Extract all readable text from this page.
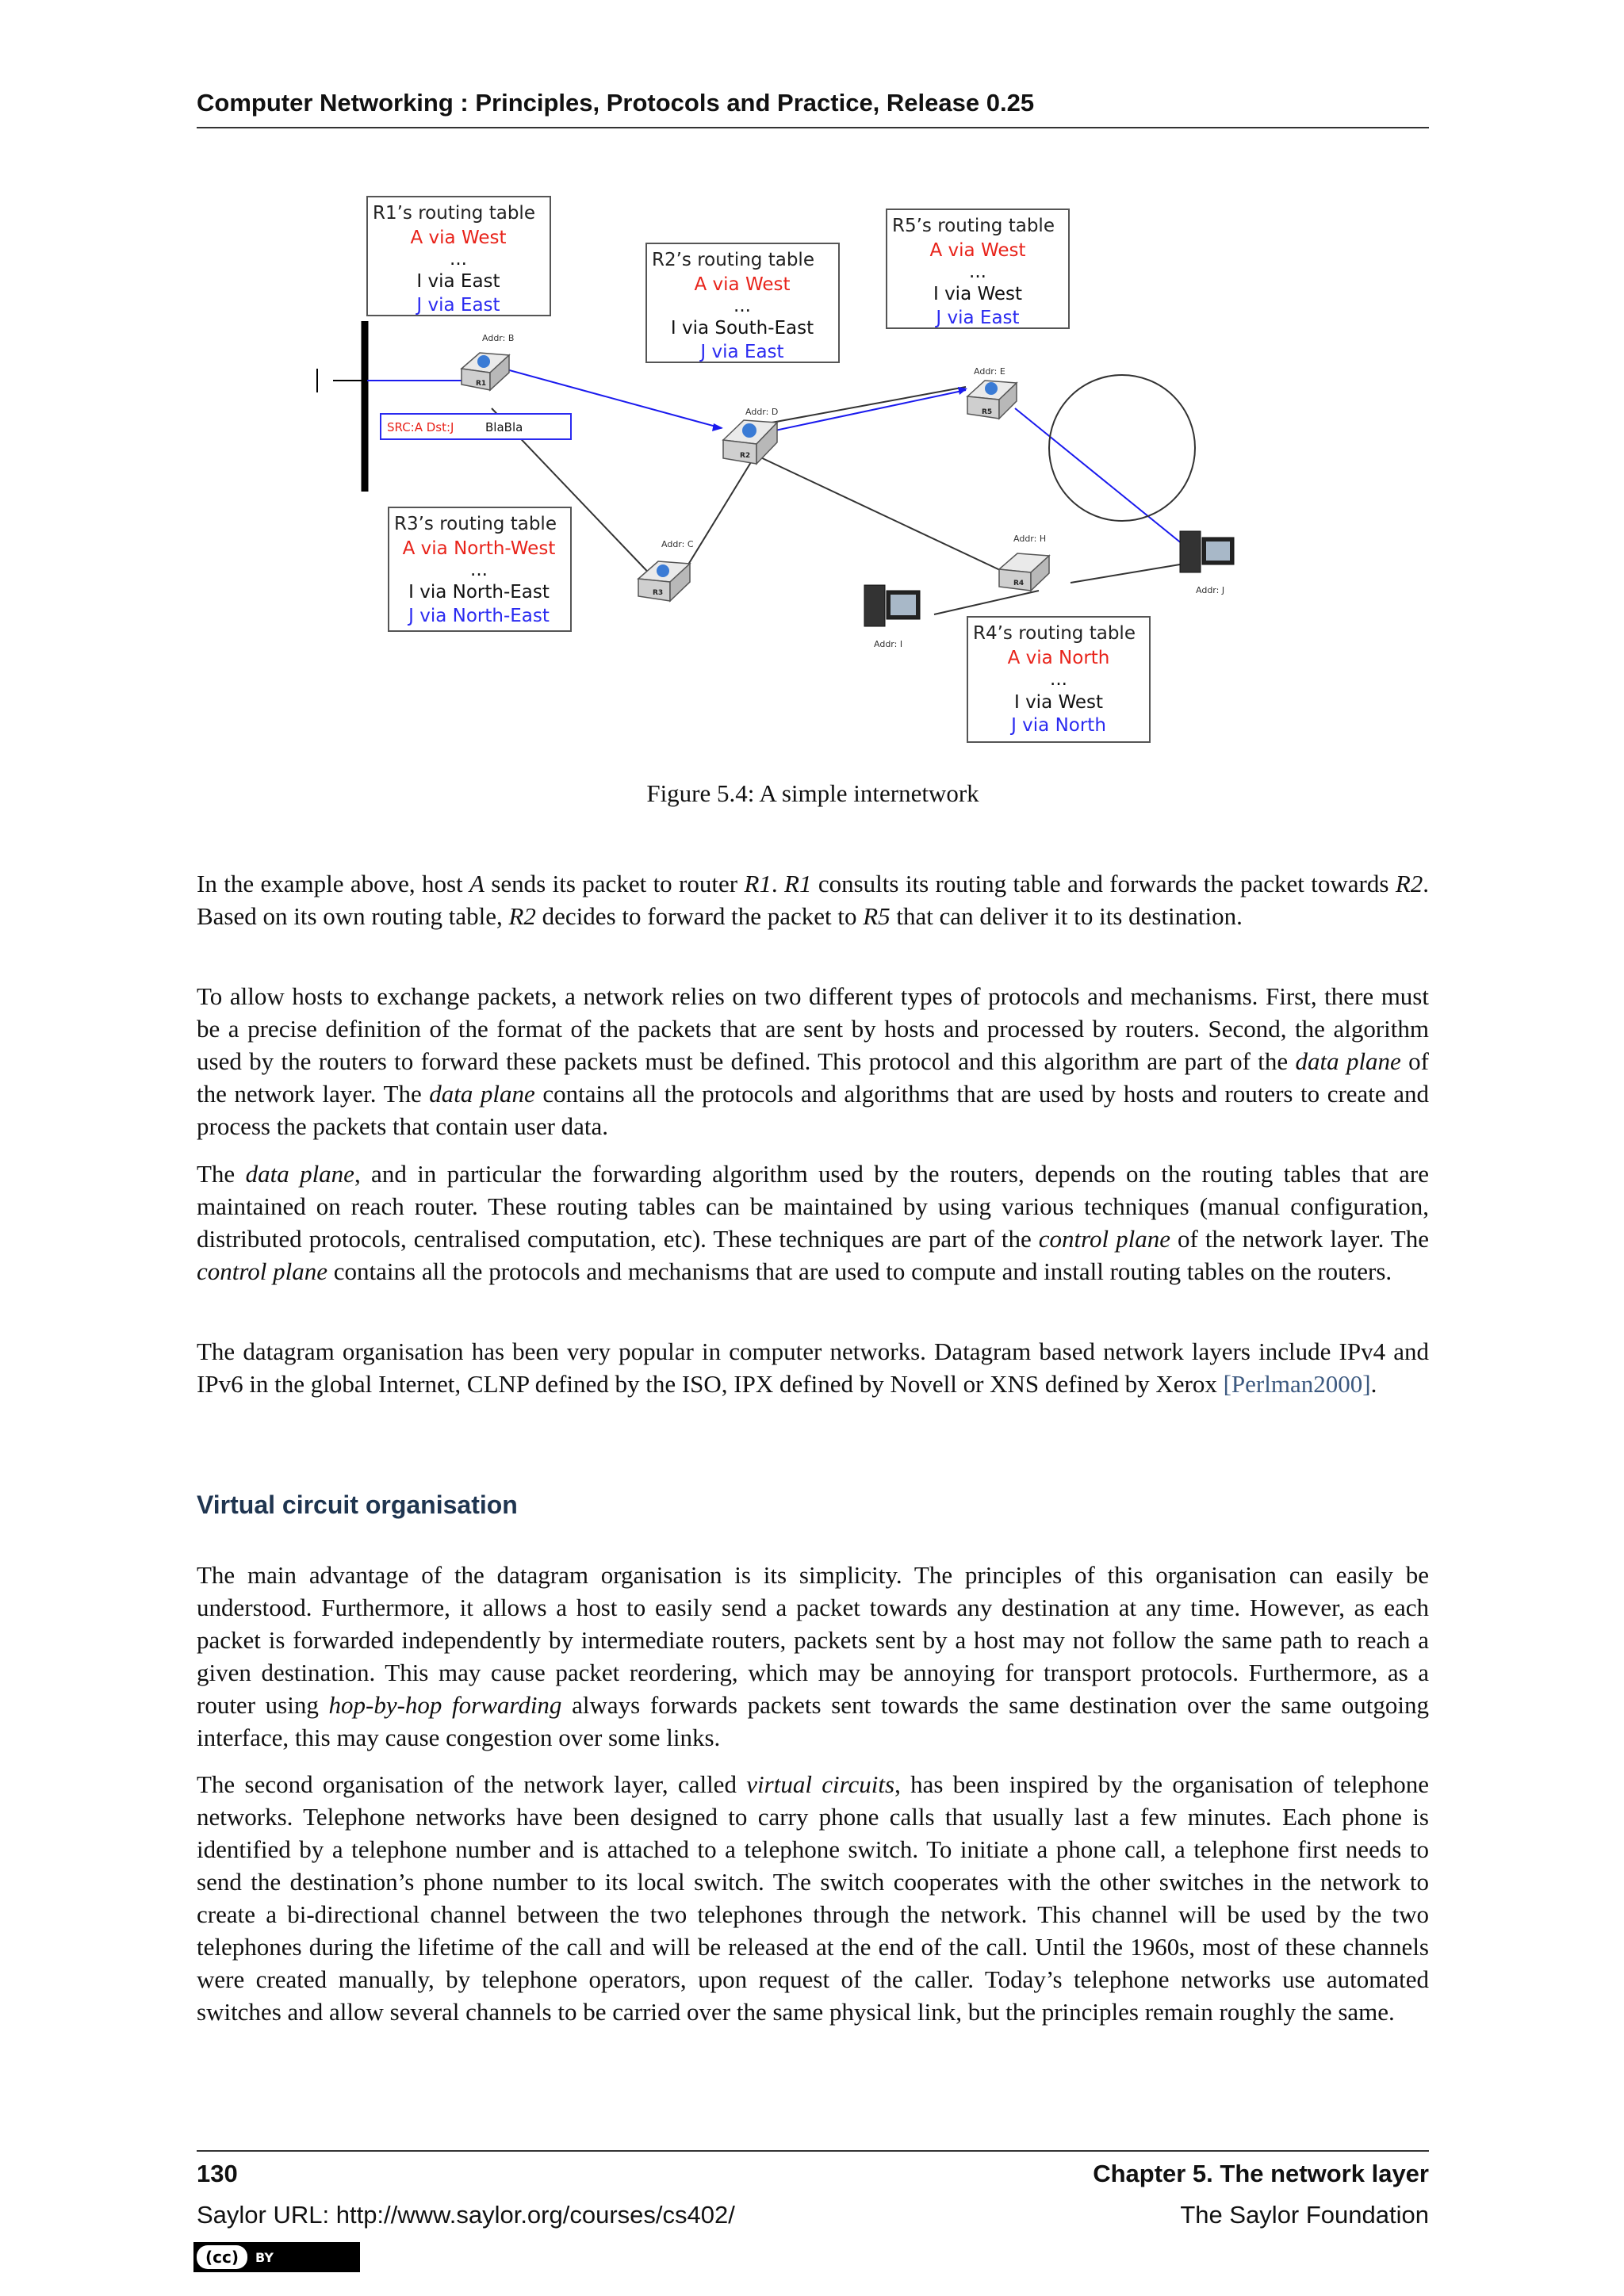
Computer Networking : Principles, Protocols and Practice, Release 0.25
SRC:A Dst:J	BlaBla
Addr: B
R1
Addr: D
R2
Addr: C
R3
Addr: H
R4
Addr: E
R5
Addr: I
Addr: J
R1’s routing table
A via West
...
I via East
J via East
R2’s routing table
A via West
...
I via South-East
J via East
R5’s routing table
A via West
...
I via West
J via East
R3’s routing table
A via North-West
...
I via North-East
J via North-East
R4’s routing table
A via North
...
I via West
J via North
Figure 5.4: A simple internetwork
In the example above, host A sends its packet to router R1. R1 consults its routing table and forwards the packet towards R2. Based on its own routing table, R2 decides to forward the packet to R5 that can deliver it to its destination.
To allow hosts to exchange packets, a network relies on two different types of protocols and mechanisms. First, there must be a precise definition of the format of the packets that are sent by hosts and processed by routers. Second, the algorithm used by the routers to forward these packets must be defined. This protocol and this algorithm are part of the data plane of the network layer. The data plane contains all the protocols and algorithms that are used by hosts and routers to create and process the packets that contain user data.
The data plane, and in particular the forwarding algorithm used by the routers, depends on the routing tables that are maintained on reach router. These routing tables can be maintained by using various techniques (manual configuration, distributed protocols, centralised computation, etc). These techniques are part of the control plane of the network layer. The control plane contains all the protocols and mechanisms that are used to compute and install routing tables on the routers.
The datagram organisation has been very popular in computer networks. Datagram based network layers include IPv4 and IPv6 in the global Internet, CLNP defined by the ISO, IPX defined by Novell or XNS defined by Xerox [Perlman2000].
Virtual circuit organisation
The main advantage of the datagram organisation is its simplicity. The principles of this organisation can easily be understood. Furthermore, it allows a host to easily send a packet towards any destination at any time. However, as each packet is forwarded independently by intermediate routers, packets sent by a host may not follow the same path to reach a given destination. This may cause packet reordering, which may be annoying for transport protocols. Furthermore, as a router using hop-by-hop forwarding always forwards packets sent towards the same destination over the same outgoing interface, this may cause congestion over some links.
The second organisation of the network layer, called virtual circuits, has been inspired by the organisation of telephone networks. Telephone networks have been designed to carry phone calls that usually last a few minutes. Each phone is identified by a telephone number and is attached to a telephone switch. To initiate a phone call, a telephone first needs to send the destination’s phone number to its local switch. The switch cooperates with the other switches in the network to create a bi-directional channel between the two telephones through the network. This channel will be used by the two telephones during the lifetime of the call and will be released at the end of the call. Until the 1960s, most of these channels were created manually, by telephone operators, upon request of the caller. Today’s telephone networks use automated switches and allow several channels to be carried over the same physical link, but the principles remain roughly the same.
130	Chapter 5. The network layer
Saylor URL: http://www.saylor.org/courses/cs402/	The Saylor Foundation
(cc)	BY
